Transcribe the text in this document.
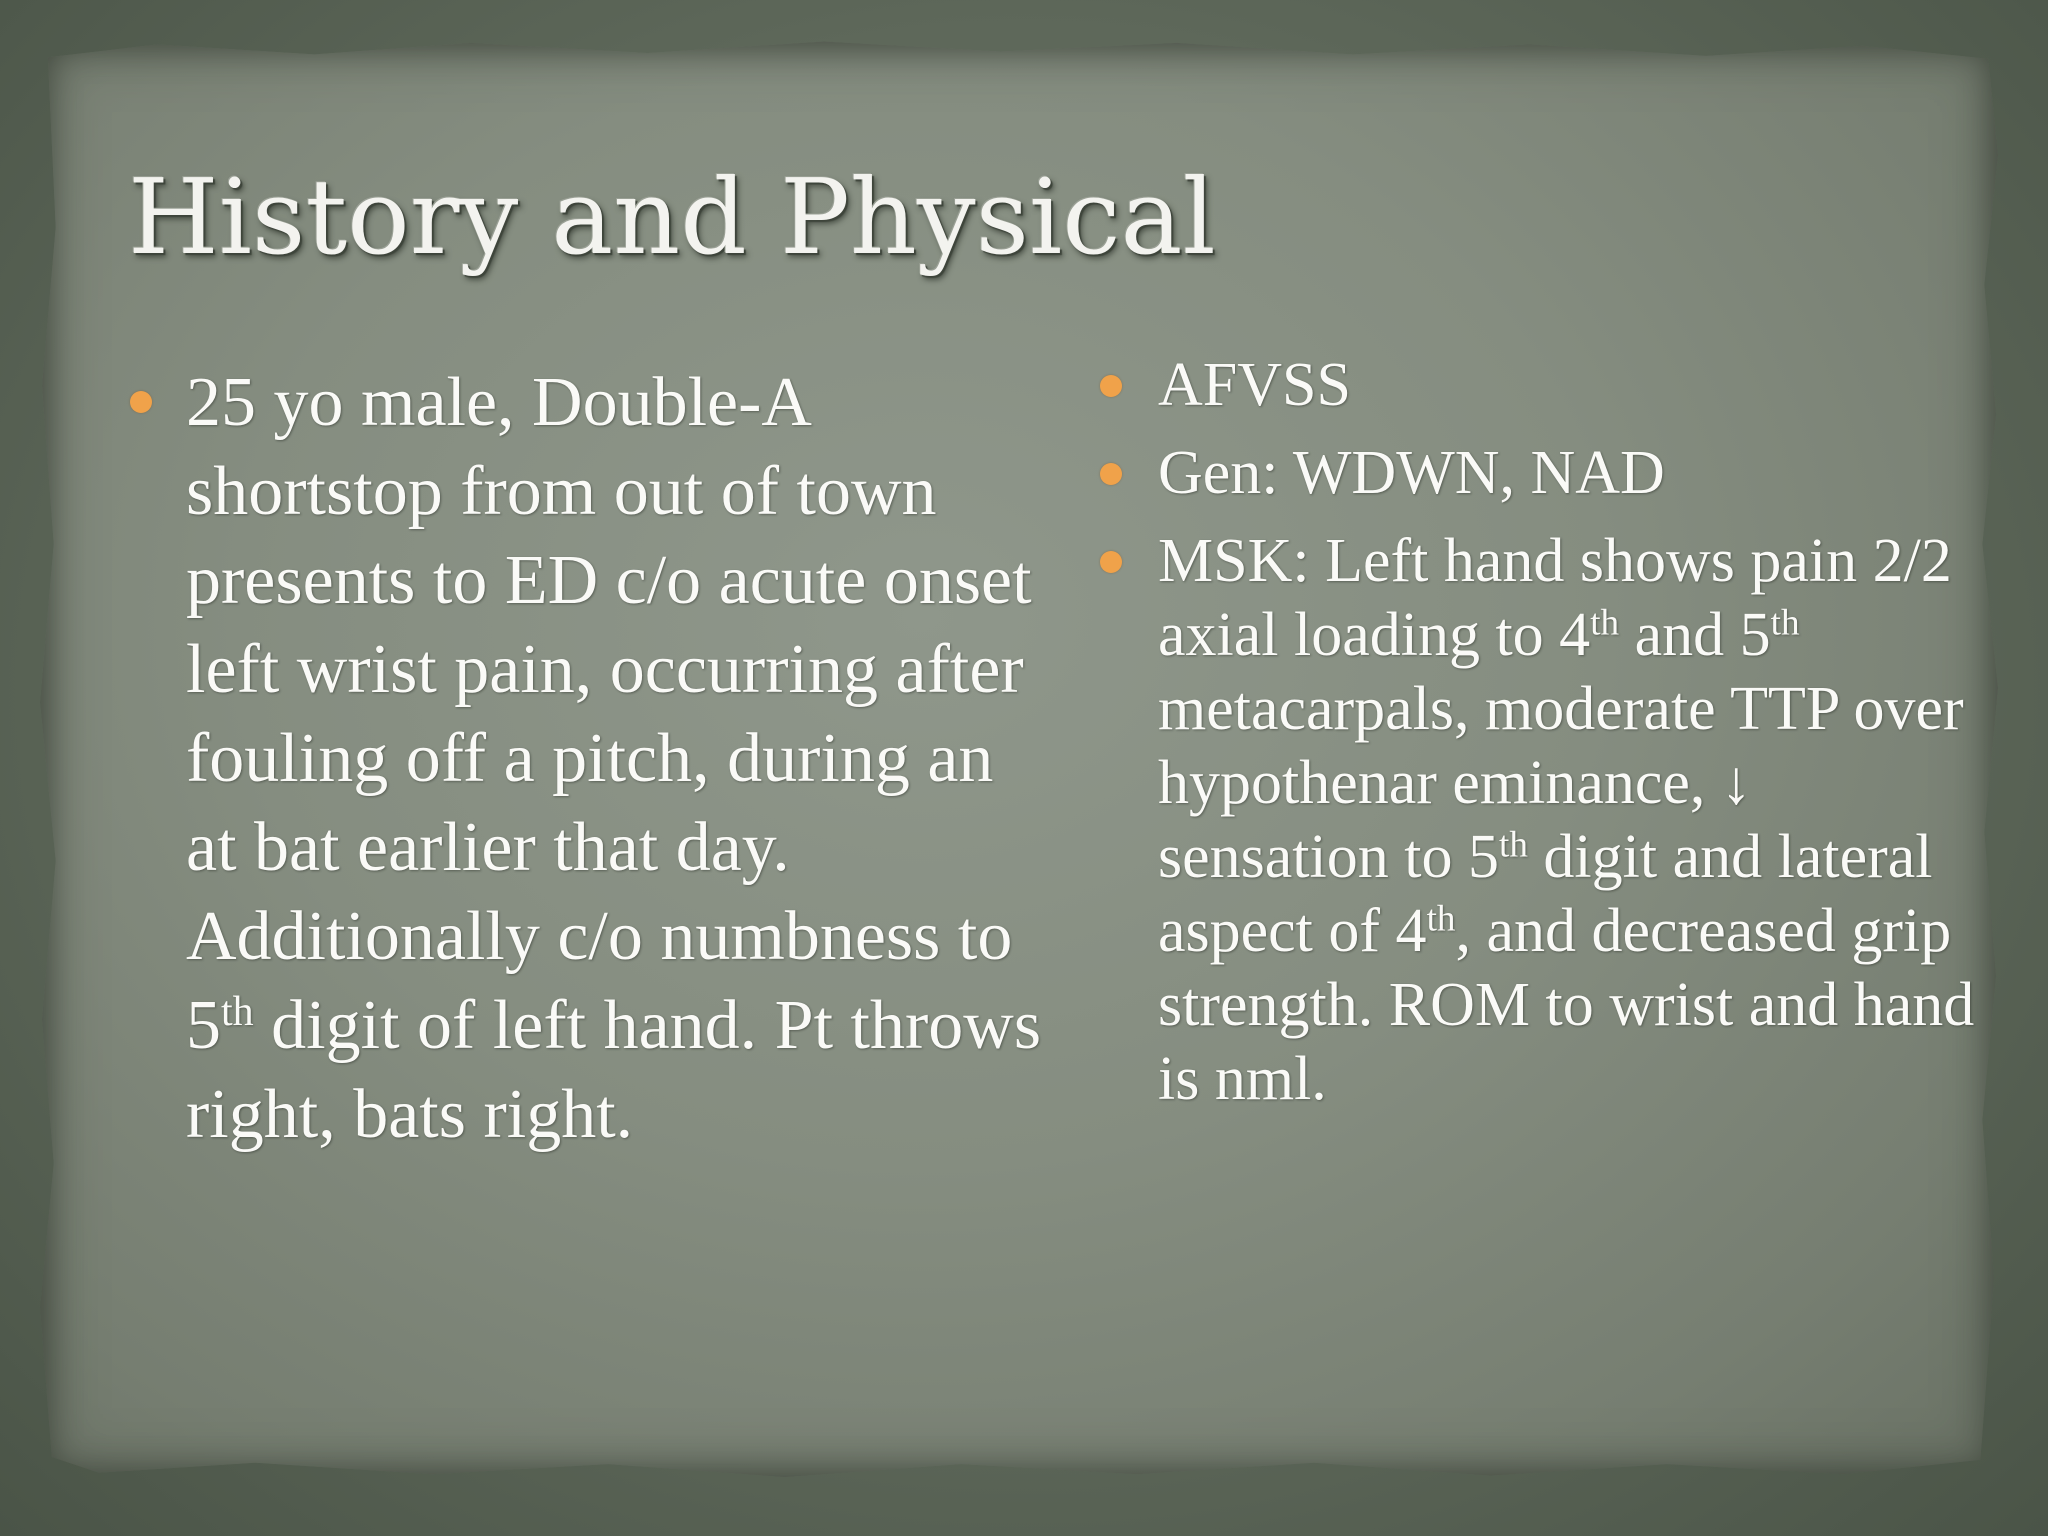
History and Physical
25 yo male, Double-A shortstop from out of town presents to ED c/o acute onset left wrist pain, occurring after fouling off a pitch, during an at bat earlier that day. Additionally c/o numbness to 5th digit of left hand. Pt throws right, bats right.
AFVSS
Gen: WDWN, NAD
MSK: Left hand shows pain 2/2 axial loading to 4th and 5th metacarpals, moderate TTP over hypothenar eminance, ↓ sensation to 5th digit and lateral aspect of 4th, and decreased grip strength. ROM to wrist and hand is nml.
